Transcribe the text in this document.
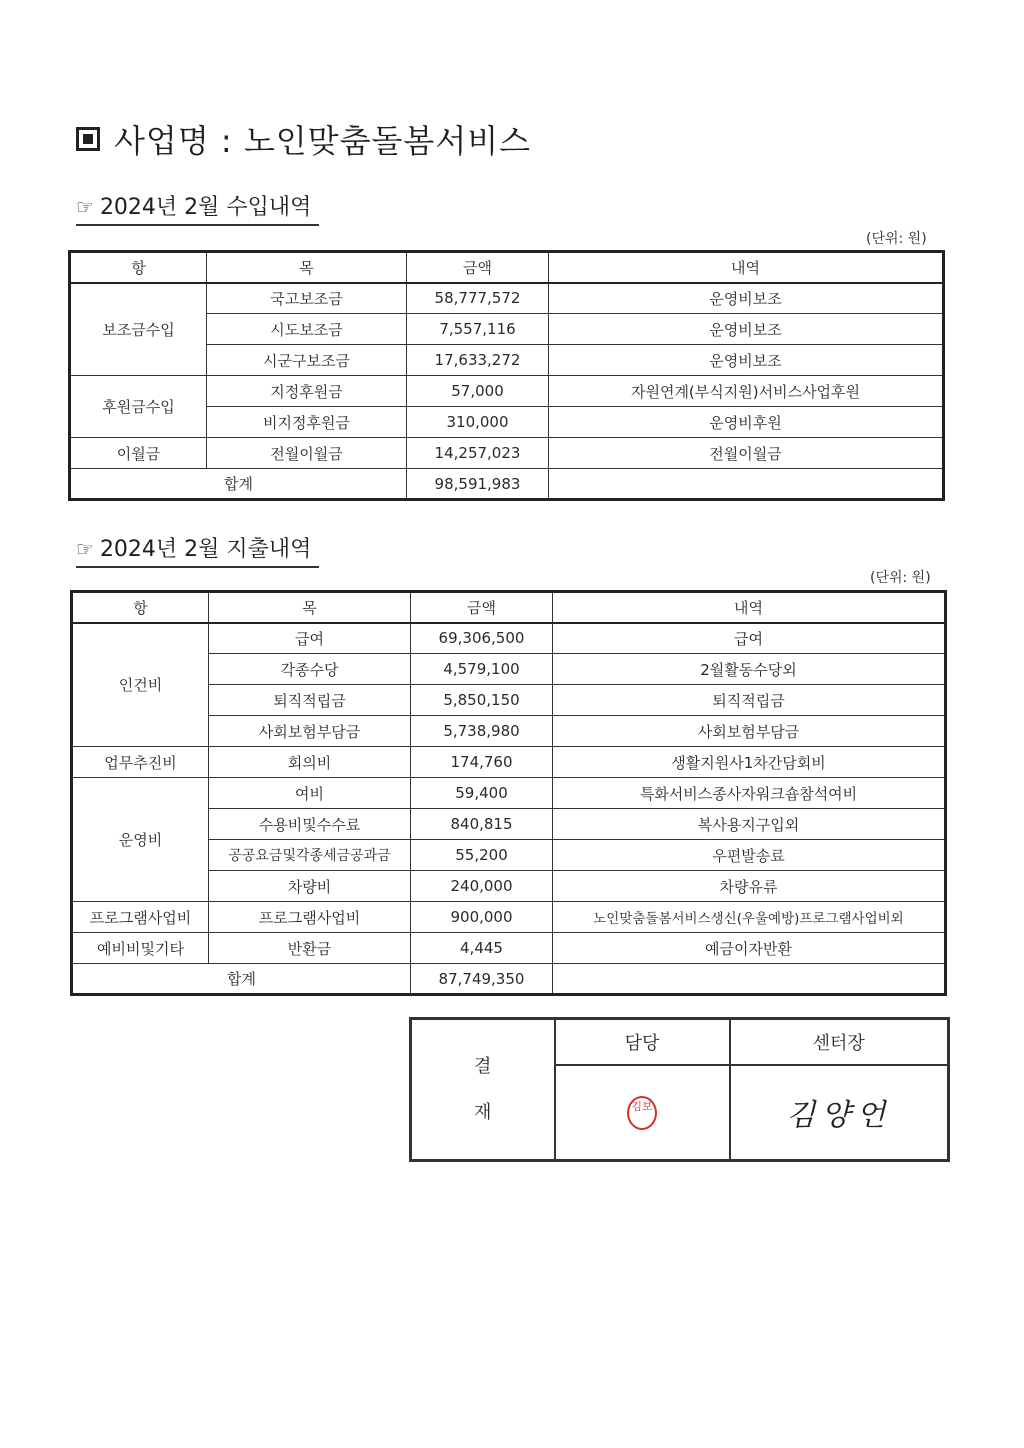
사업명 : 노인맞춤돌봄서비스
☞ 2024년 2월 수입내역
(단위: 원)
항	목	금액	내역
보조금수입	국고보조금	58,777,572	운영비보조
	시도보조금	7,557,116	운영비보조
	시군구보조금	17,633,272	운영비보조
후원금수입	지정후원금	57,000	자원연계(부식지원)서비스사업후원
	비지정후원금	310,000	운영비후원
이월금	전월이월금	14,257,023	전월이월금
합계		98,591,983	
☞ 2024년 2월 지출내역
(단위: 원)
항	목	금액	내역
인건비	급여	69,306,500	급여
	각종수당	4,579,100	2월활동수당외
	퇴직적립금	5,850,150	퇴직적립금
	사회보험부담금	5,738,980	사회보험부담금
업무추진비	회의비	174,760	생활지원사1차간담회비
운영비	여비	59,400	특화서비스종사자워크숍참석여비
	수용비및수수료	840,815	복사용지구입외
	공공요금및각종세금공과금	55,200	우편발송료
	차량비	240,000	차량유류
프로그램사업비	프로그램사업비	900,000	노인맞춤돌봄서비스생신(우울예방)프로그램사업비외
예비비및기타	반환금	4,445	예금이자반환
합계		87,749,350	
결
재	담당	센터장
	김보	김양언
